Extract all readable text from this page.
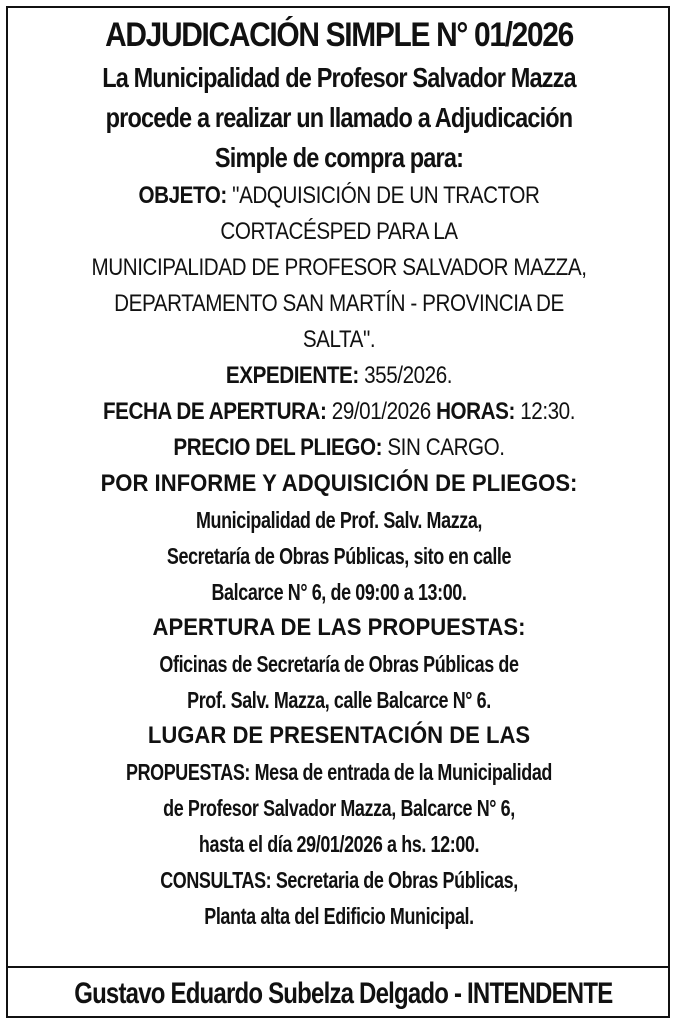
ADJUDICACIÓN SIMPLE N° 01/2026
La Municipalidad de Profesor Salvador Mazza
procede a realizar un llamado a Adjudicación
Simple de compra para:
OBJETO: "ADQUISICIÓN DE UN TRACTOR
CORTACÉSPED PARA LA
MUNICIPALIDAD DE PROFESOR SALVADOR MAZZA,
DEPARTAMENTO SAN MARTÍN - PROVINCIA DE
SALTA".
EXPEDIENTE: 355/2026.
FECHA DE APERTURA: 29/01/2026 HORAS: 12:30.
PRECIO DEL PLIEGO: SIN CARGO.
POR INFORME Y ADQUISICIÓN DE PLIEGOS:
Municipalidad de Prof. Salv. Mazza,
Secretaría de Obras Públicas, sito en calle
Balcarce N° 6, de 09:00 a 13:00.
APERTURA DE LAS PROPUESTAS:
Oficinas de Secretaría de Obras Públicas de
Prof. Salv. Mazza, calle Balcarce N° 6.
LUGAR DE PRESENTACIÓN DE LAS
PROPUESTAS: Mesa de entrada de la Municipalidad
de Profesor Salvador Mazza, Balcarce N° 6,
hasta el día 29/01/2026 a hs. 12:00.
CONSULTAS: Secretaria de Obras Públicas,
Planta alta del Edificio Municipal.
Gustavo Eduardo Subelza Delgado - INTENDENTE
